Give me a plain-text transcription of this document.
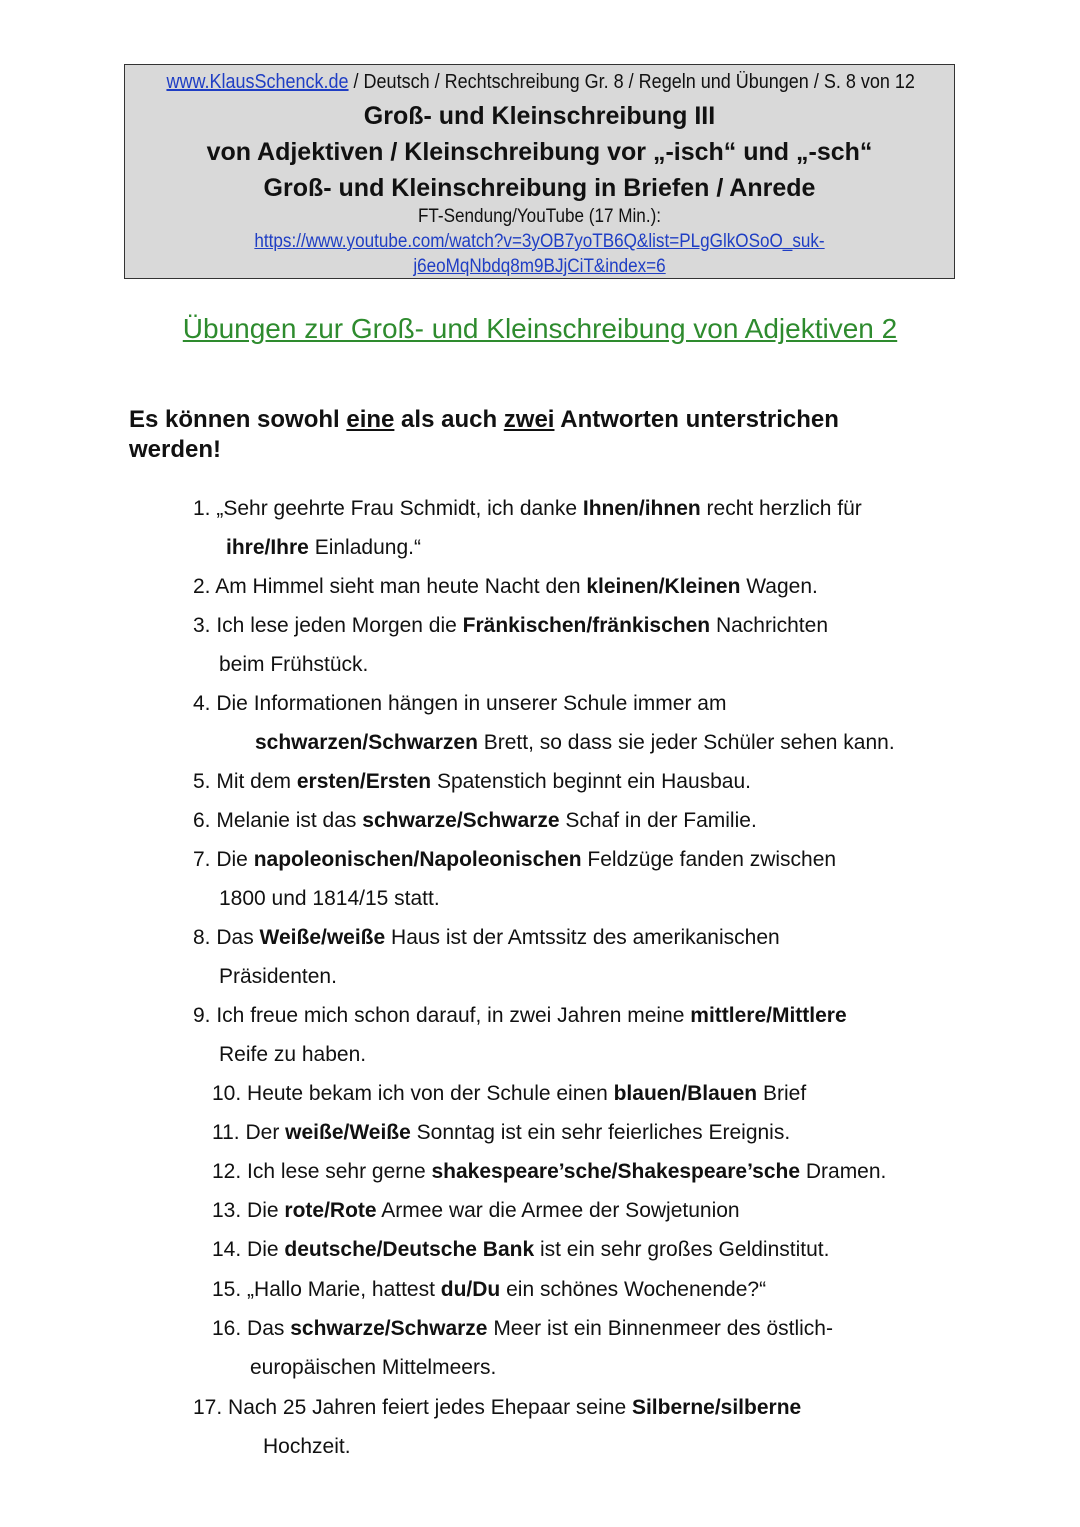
www.KlausSchenck.de / Deutsch / Rechtschreibung Gr. 8 / Regeln und Übungen / S. 8 von 12
Groß- und Kleinschreibung III
von Adjektiven / Kleinschreibung vor „-isch“ und „-sch“
Groß- und Kleinschreibung in Briefen / Anrede
FT-Sendung/YouTube (17 Min.):
https://www.youtube.com/watch?v=3yOB7yoTB6Q&list=PLgGlkOSoO_suk-
j6eoMqNbdq8m9BJjCiT&index=6
Übungen zur Groß- und Kleinschreibung von Adjektiven 2
Es können sowohl eine als auch zwei Antworten unterstrichen
werden!
1. „Sehr geehrte Frau Schmidt, ich danke Ihnen/ihnen recht herzlich für
ihre/Ihre Einladung.“
2. Am Himmel sieht man heute Nacht den kleinen/Kleinen Wagen.
3. Ich lese jeden Morgen die Fränkischen/fränkischen Nachrichten
beim Frühstück.
4. Die Informationen hängen in unserer Schule immer am
schwarzen/Schwarzen Brett, so dass sie jeder Schüler sehen kann.
5. Mit dem ersten/Ersten Spatenstich beginnt ein Hausbau.
6. Melanie ist das schwarze/Schwarze Schaf in der Familie.
7. Die napoleonischen/Napoleonischen Feldzüge fanden zwischen
1800 und 1814/15 statt.
8. Das Weiße/weiße Haus ist der Amtssitz des amerikanischen
Präsidenten.
9. Ich freue mich schon darauf, in zwei Jahren meine mittlere/Mittlere
Reife zu haben.
10. Heute bekam ich von der Schule einen blauen/Blauen Brief
11. Der weiße/Weiße Sonntag ist ein sehr feierliches Ereignis.
12. Ich lese sehr gerne shakespeare’sche/Shakespeare’sche Dramen.
13. Die rote/Rote Armee war die Armee der Sowjetunion
14. Die deutsche/Deutsche Bank ist ein sehr großes Geldinstitut.
15. „Hallo Marie, hattest du/Du ein schönes Wochenende?“
16. Das schwarze/Schwarze Meer ist ein Binnenmeer des östlich-
europäischen Mittelmeers.
17. Nach 25 Jahren feiert jedes Ehepaar seine Silberne/silberne
Hochzeit.
